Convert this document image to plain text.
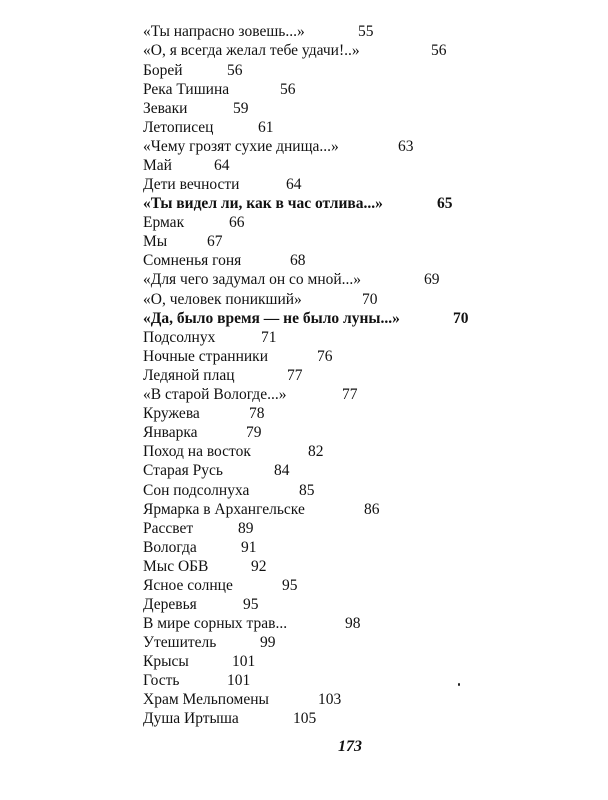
«Ты напрасно зовешь...»	55
«О, я всегда желал тебе удачи!..»	56
Борей	56
Река Тишина	56
Зеваки	59
Летописец	61
«Чему грозят сухие днища...»	63
Май	64
Дети вечности	64
«Ты видел ли, как в час отлива...»	65
Ермак	66
Мы	67
Сомненья гоня	68
«Для чего задумал он со мной...»	69
«О, человек поникший»	70
«Да, было время — не было луны...»	70
Подсолнух	71
Ночные странники	76
Ледяной плац	77
«В старой Вологде...»	77
Кружева	78
Январка	79
Поход на восток	82
Старая Русь	84
Сон подсолнуха	85
Ярмарка в Архангельске	86
Рассвет	89
Вологда	91
Мыс ОБВ	92
Ясное солнце	95
Деревья	95
В мире сорных трав...	98
Утешитель	99
Крысы	101
Гость	101
Храм Мельпомены	103
Душа Иртыша	105
173
